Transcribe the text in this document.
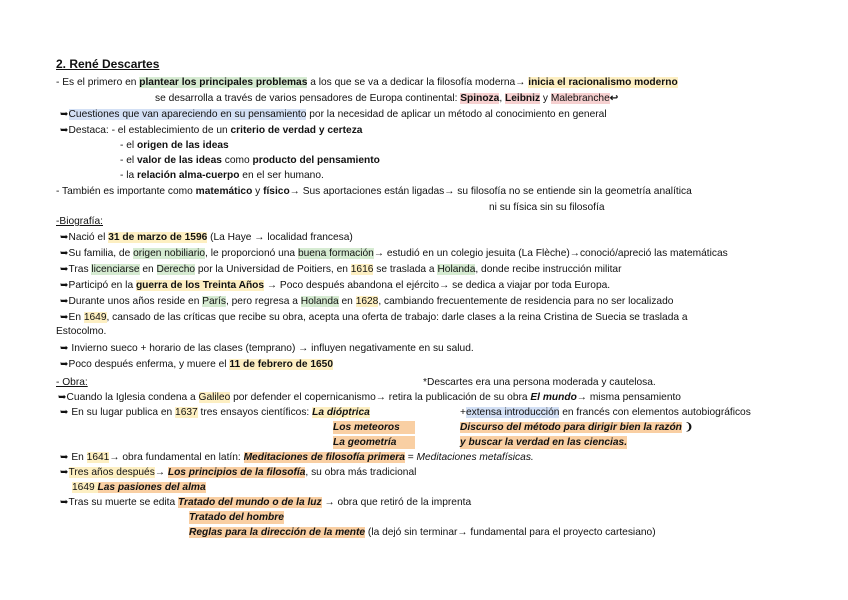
2. René Descartes
- Es el primero en plantear los principales problemas a los que se va a dedicar la filosofía moderna→ inicia el racionalismo moderno
se desarrolla a través de varios pensadores de Europa continental: Spinoza, Leibniz y Malebranche↩
➥Cuestiones que van apareciendo en su pensamiento por la necesidad de aplicar un método al conocimiento en general
➥Destaca: - el establecimiento de un criterio de verdad y certeza
- el origen de las ideas
- el valor de las ideas como producto del pensamiento
- la relación alma-cuerpo en el ser humano.
- También es importante como matemático y físico→ Sus aportaciones están ligadas→ su filosofía no se entiende sin la geometría analítica
ni su física sin su filosofía
-Biografía:
➥Nació el 31 de marzo de 1596 (La Haye → localidad francesa)
➥Su familia, de origen nobiliario, le proporcionó una buena formación→ estudió en un colegio jesuita (La Flèche)→conoció/apreció las matemáticas
➥Tras licenciarse en Derecho por la Universidad de Poitiers, en 1616 se traslada a Holanda, donde recibe instrucción militar
➥Participó en la guerra de los Treinta Años → Poco después abandona el ejército→ se dedica a viajar por toda Europa.
➥Durante unos años reside en París, pero regresa a Holanda en 1628, cambiando frecuentemente de residencia para no ser localizado
➥En 1649, cansado de las críticas que recibe su obra, acepta una oferta de trabajo: darle clases a la reina Cristina de Suecia se traslada a
Estocolmo.
➥ Invierno sueco + horario de las clases (temprano) → influyen negativamente en su salud.
➥Poco después enferma, y muere el 11 de febrero de 1650
- Obra:	*Descartes era una persona moderada y cautelosa.
➥Cuando la Iglesia condena a Galileo por defender el copernicanismo→ retira la publicación de su obra El mundo→ misma pensamiento
➥ En su lugar publica en 1637 tres ensayos científicos: La dióptrica	+extensa introducción en francés con elementos autobiográficos
Los meteoros	Discurso del método para dirigir bien la razón ❩
La geometría	y buscar la verdad en las ciencias.
➥ En 1641→ obra fundamental en latín: Meditaciones de filosofía primera = Meditaciones metafísicas.
➥Tres años después→ Los principios de la filosofía, su obra más tradicional
1649 Las pasiones del alma
➥Tras su muerte se edita Tratado del mundo o de la luz → obra que retiró de la imprenta
Tratado del hombre
Reglas para la dirección de la mente (la dejó sin terminar→ fundamental para el proyecto cartesiano)
